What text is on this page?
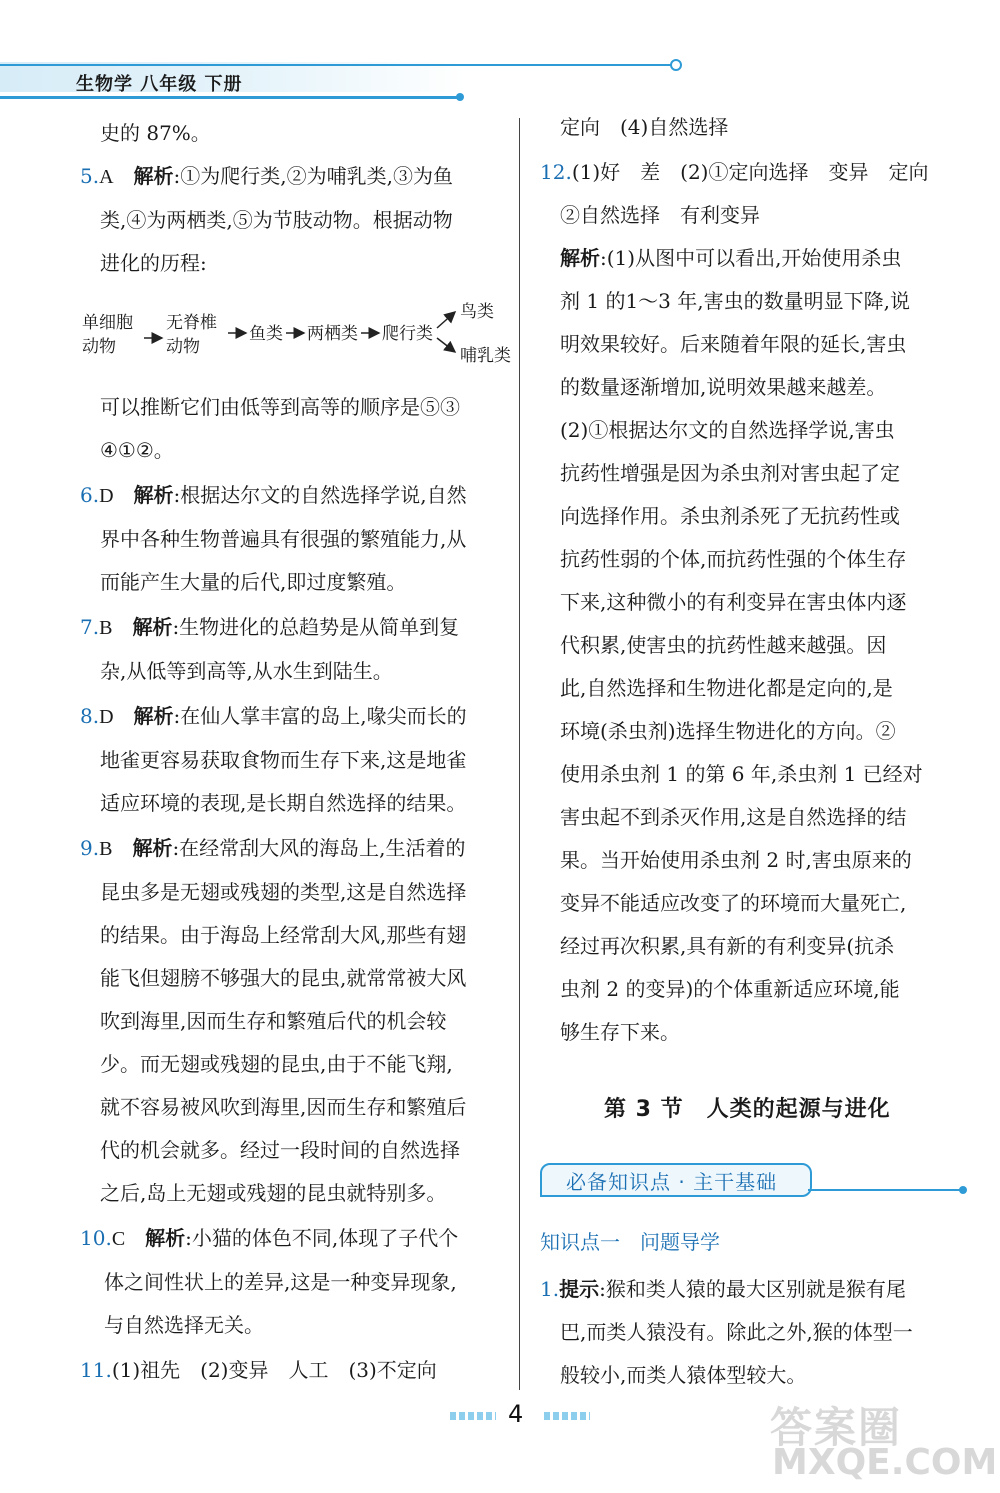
生物学 八年级 下册

史的 87%。

5.A　 解析:①为爬行类,②为哺乳类,③为鱼

类,④为两栖类,⑤为节肢动物。根据动物

进化的历程:

单细胞
动物
无脊椎
动物
鱼类 两栖类 爬行类
鸟类
哺乳类

可以推断它们由低等到高等的顺序是⑤③

④①②。

6.D　 解析:根据达尔文的自然选择学说,自然

界中各种生物普遍具有很强的繁殖能力,从

而能产生大量的后代,即过度繁殖。

7.B　 解析:生物进化的总趋势是从简单到复

杂,从低等到高等,从水生到陆生。

8.D　 解析:在仙人掌丰富的岛上,喙尖而长的

地雀更容易获取食物而生存下来,这是地雀

适应环境的表现,是长期自然选择的结果。

9.B　 解析:在经常刮大风的海岛上,生活着的

昆虫多是无翅或残翅的类型,这是自然选择

的结果。由于海岛上经常刮大风,那些有翅

能飞但翅膀不够强大的昆虫,就常常被大风

吹到海里,因而生存和繁殖后代的机会较

少。而无翅或残翅的昆虫,由于不能飞翔,

就不容易被风吹到海里,因而生存和繁殖后

代的机会就多。经过一段时间的自然选择

之后,岛上无翅或残翅的昆虫就特别多。

10.C　 解析:小猫的体色不同,体现了子代个

体之间性状上的差异,这是一种变异现象,

与自然选择无关。

11.(1)祖先　(2)变异　人工　(3)不定向

定向　(4)自然选择

12.(1)好　差　(2)①定向选择　变异　定向

②自然选择　有利变异

解析:(1)从图中可以看出,开始使用杀虫

剂 1 的1～3 年,害虫的数量明显下降,说

明效果较好。后来随着年限的延长,害虫

的数量逐渐增加,说明效果越来越差。

(2)①根据达尔文的自然选择学说,害虫

抗药性增强是因为杀虫剂对害虫起了定

向选择作用。杀虫剂杀死了无抗药性或

抗药性弱的个体,而抗药性强的个体生存

下来,这种微小的有利变异在害虫体内逐

代积累,使害虫的抗药性越来越强。因

此,自然选择和生物进化都是定向的,是

环境(杀虫剂)选择生物进化的方向。②

使用杀虫剂 1 的第 6 年,杀虫剂 1 已经对

害虫起不到杀灭作用,这是自然选择的结

果。当开始使用杀虫剂 2 时,害虫原来的

变异不能适应改变了的环境而大量死亡,

经过再次积累,具有新的有利变异(抗杀

虫剂 2 的变异)的个体重新适应环境,能

够生存下来。

第 3 节　人类的起源与进化
必备知识点 · 主干基础
知识点一　问题导学

1.提示:猴和类人猿的最大区别就是猴有尾

巴,而类人猿没有。除此之外,猴的体型一

般较小,而类人猿体型较大。

4	答案圈
MXQE.COM
